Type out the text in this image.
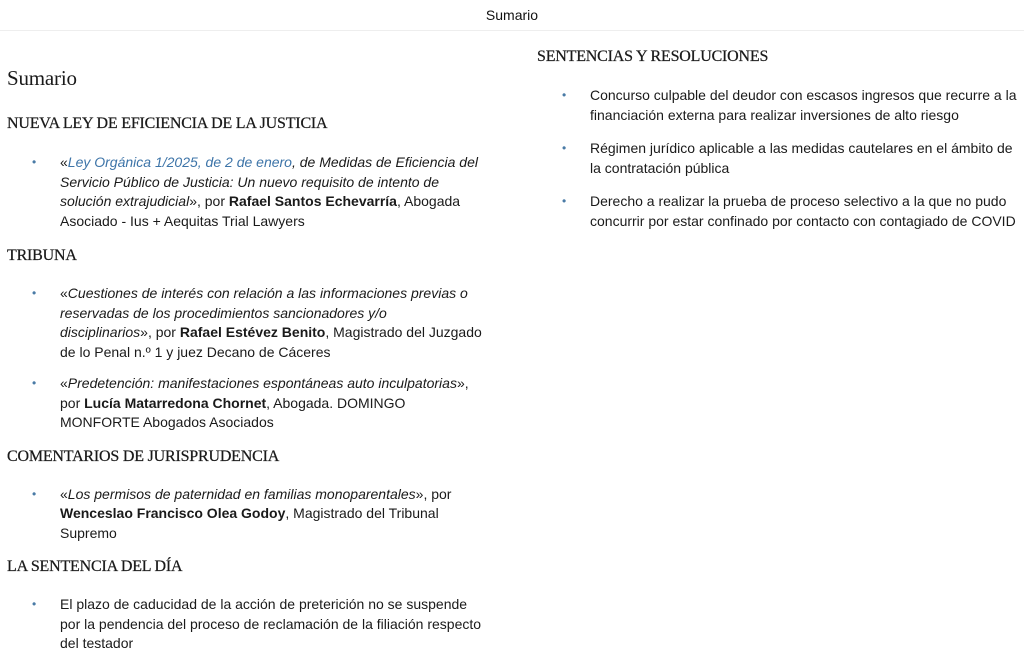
Sumario
Sumario
NUEVA LEY DE EFICIENCIA DE LA JUSTICIA
• «Ley Orgánica 1/2025, de 2 de enero, de Medidas de Eficiencia del Servicio Público de Justicia: Un nuevo requisito de intento de solución extrajudicial», por Rafael Santos Echevarría, Abogada Asociado - Ius + Aequitas Trial Lawyers
TRIBUNA
• «Cuestiones de interés con relación a las informaciones previas o reservadas de los procedimientos sancionadores y/o disciplinarios», por Rafael Estévez Benito, Magistrado del Juzgado de lo Penal n.º 1 y juez Decano de Cáceres
• «Predetención: manifestaciones espontáneas auto inculpatorias», por Lucía Matarredona Chornet, Abogada. DOMINGO MONFORTE Abogados Asociados
COMENTARIOS DE JURISPRUDENCIA
• «Los permisos de paternidad en familias monoparentales», por Wenceslao Francisco Olea Godoy, Magistrado del Tribunal Supremo
LA SENTENCIA DEL DÍA
• El plazo de caducidad de la acción de preterición no se suspende por la pendencia del proceso de reclamación de la filiación respecto del testador
SENTENCIAS Y RESOLUCIONES
• Concurso culpable del deudor con escasos ingresos que recurre a la financiación externa para realizar inversiones de alto riesgo
• Régimen jurídico aplicable a las medidas cautelares en el ámbito de la contratación pública
• Derecho a realizar la prueba de proceso selectivo a la que no pudo concurrir por estar confinado por contacto con contagiado de COVID
